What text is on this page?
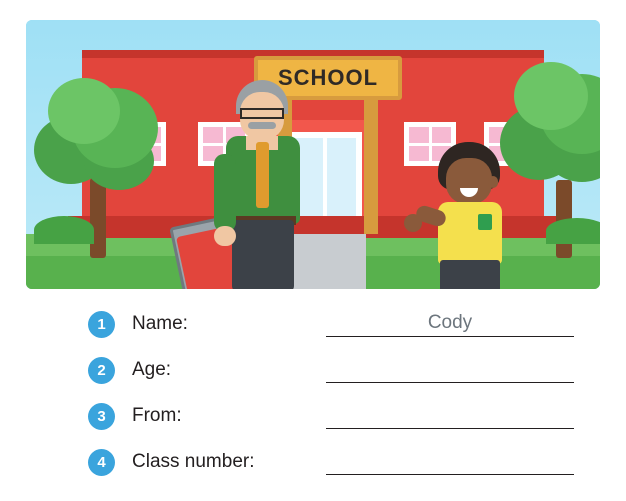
SCHOOL
1	Name:	Cody
2	Age:
3	From:
4	Class number:
